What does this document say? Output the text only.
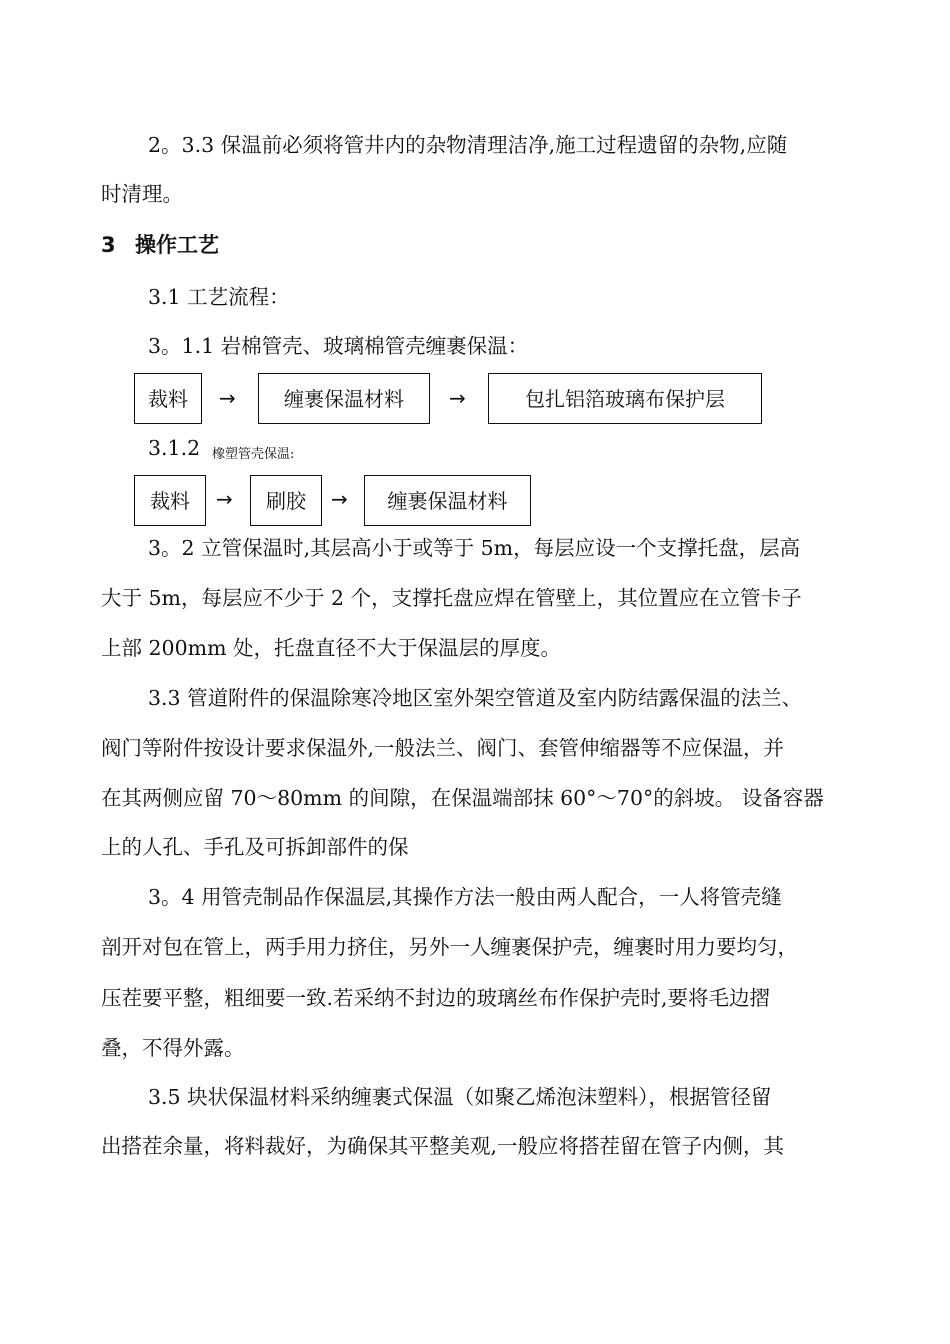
2。3.3 保温前必须将管井内的杂物清理洁净,施工过程遗留的杂物,应随
时清理。
3 操作工艺
3.1 工艺流程：
3。1.1 岩棉管壳、玻璃棉管壳缠裹保温：
裁料	→	缠裹保温材料	→	包扎铝箔玻璃布保护层
3.1.2 橡塑管壳保温:
裁料	→	刷胶	→	缠裹保温材料
3。2 立管保温时,其层高小于或等于 5m，每层应设一个支撑托盘，层高
大于 5m，每层应不少于 2 个，支撑托盘应焊在管壁上，其位置应在立管卡子
上部 200mm 处，托盘直径不大于保温层的厚度。
3.3 管道附件的保温除寒冷地区室外架空管道及室内防结露保温的法兰、
阀门等附件按设计要求保温外,一般法兰、阀门、套管伸缩器等不应保温，并
在其两侧应留 70～80mm 的间隙，在保温端部抹 60°～70°的斜坡。 设备容器
上的人孔、手孔及可拆卸部件的保
3。4 用管壳制品作保温层,其操作方法一般由两人配合，一人将管壳缝
剖开对包在管上，两手用力挤住，另外一人缠裹保护壳，缠裹时用力要均匀，
压茬要平整，粗细要一致.若采纳不封边的玻璃丝布作保护壳时,要将毛边摺
叠，不得外露。
3.5 块状保温材料采纳缠裹式保温（如聚乙烯泡沫塑料），根据管径留
出搭茬余量，将料裁好，为确保其平整美观,一般应将搭茬留在管子内侧，其
